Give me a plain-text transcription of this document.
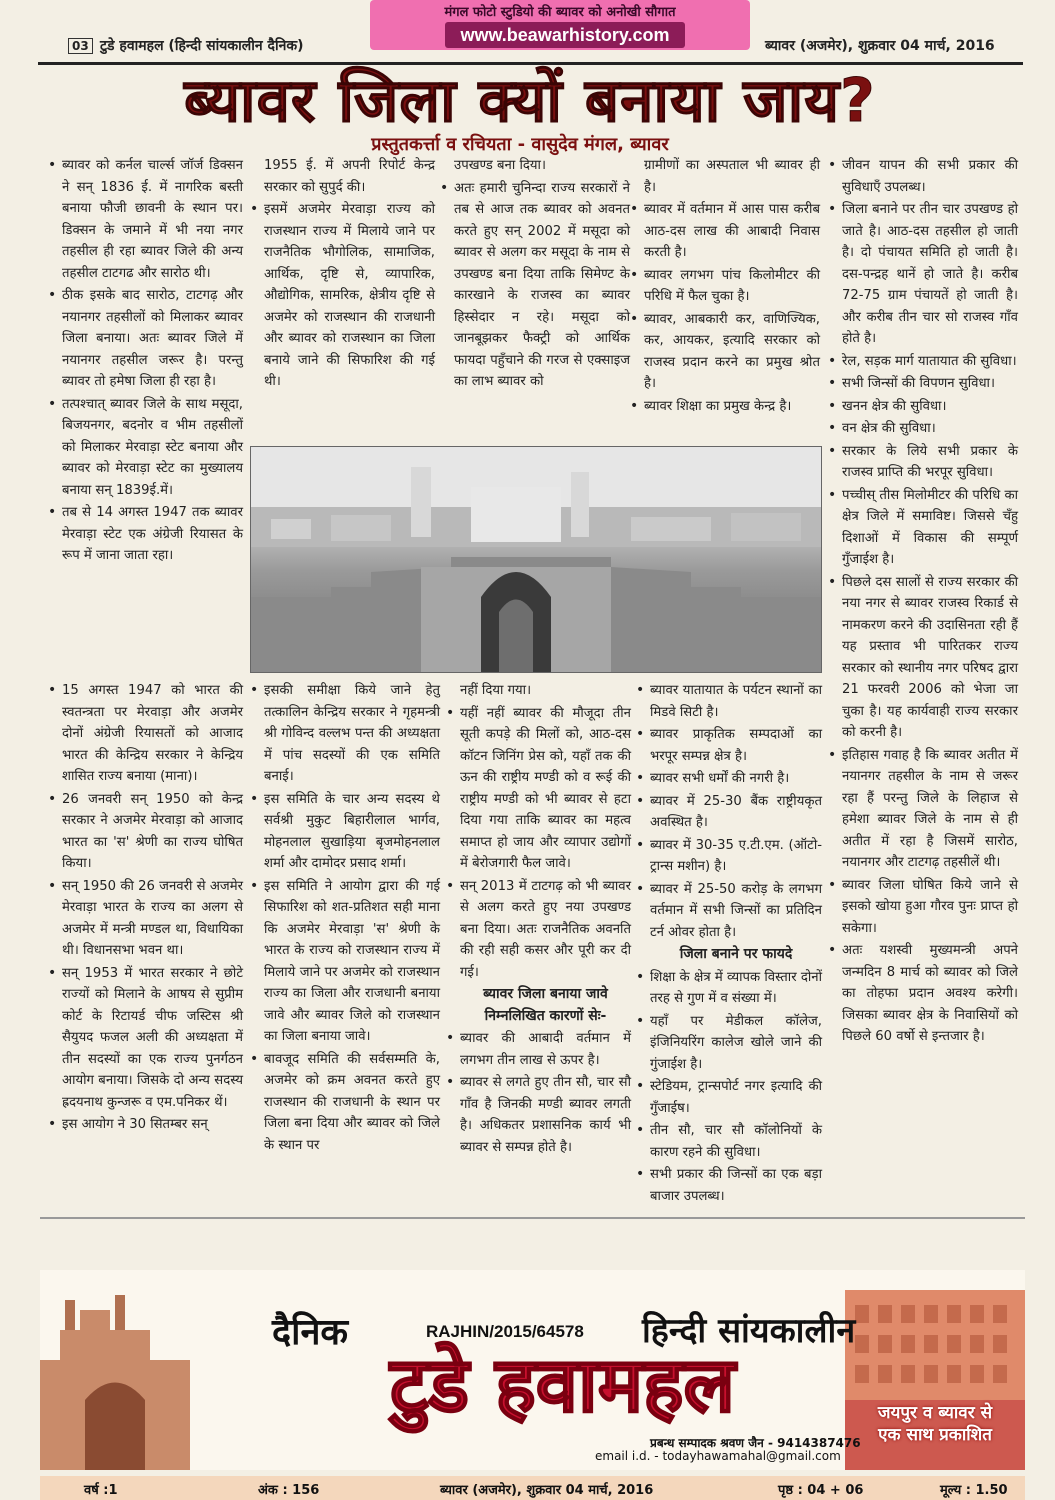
मंगल फोटो स्टुडियो की ब्यावर को अनोखी सौगात
www.beawarhistory.com
03 टुडे हवामहल (हिन्दी सांयकालीन दैनिक)	ब्यावर (अजमेर), शुक्रवार 04 मार्च, 2016
ब्यावर जिला क्यों बनाया जाय?
प्रस्तुतकर्त्ता व रचियता - वासुदेव मंगल, ब्यावर

• ब्यावर को कर्नल चार्ल्स जॉर्ज डिक्सन ने सन् 1836 ई. में नागरिक बस्ती बनाया फौजी छावनी के स्थान पर। डिक्सन के जमाने में भी नया नगर तहसील ही रहा ब्यावर जिले की अन्य तहसील टाटगढ और सारोठ थी।

• ठीक इसके बाद सारोठ, टाटगढ़ और नयानगर तहसीलों को मिलाकर ब्यावर जिला बनाया। अतः ब्यावर जिले में नयानगर तहसील जरूर है। परन्तु ब्यावर तो हमेषा जिला ही रहा है।

• तत्पश्चात् ब्यावर जिले के साथ मसूदा, बिजयनगर, बदनोर व भीम तहसीलों को मिलाकर मेरवाड़ा स्टेट बनाया और ब्यावर को मेरवाड़ा स्टेट का मुख्यालय बनाया सन् 1839ई.में।

• तब से 14 अगस्त 1947 तक ब्यावर मेरवाड़ा स्टेट एक अंग्रेजी रियासत के रूप में जाना जाता रहा।

1955 ई. में अपनी रिपोर्ट केन्द्र सरकार को सुपुर्द की।

• इसमें अजमेर मेरवाड़ा राज्य को राजस्थान राज्य में मिलाये जाने पर राजनैतिक भौगोलिक, सामाजिक, आर्थिक, दृष्टि से, व्यापारिक, औद्योगिक, सामरिक, क्षेत्रीय दृष्टि से अजमेर को राजस्थान की राजधानी और ब्यावर को राजस्थान का जिला बनाये जाने की सिफारिश की गई थी।

उपखण्ड बना दिया।

• अतः हमारी चुनिन्दा राज्य सरकारों ने तब से आज तक ब्यावर को अवनत करते हुए सन् 2002 में मसूदा को ब्यावर से अलग कर मसूदा के नाम से उपखण्ड बना दिया ताकि सिमेण्ट के कारखाने के राजस्व का ब्यावर हिस्सेदार न रहे। मसूदा को जानबूझकर फैक्ट्री को आर्थिक फायदा पहुँचाने की गरज से एक्साइज का लाभ ब्यावर को

ग्रामीणों का अस्पताल भी ब्यावर ही है।

• ब्यावर में वर्तमान में आस पास करीब आठ-दस लाख की आबादी निवास करती है।

• ब्यावर लगभग पांच किलोमीटर की परिधि में फैल चुका है।

• ब्यावर, आबकारी कर, वाणिज्यिक, कर, आयकर, इत्यादि सरकार को राजस्व प्रदान करने का प्रमुख श्रोत है।

• ब्यावर शिक्षा का प्रमुख केन्द्र है।

• जीवन यापन की सभी प्रकार की सुविधाएँ उपलब्ध।

• जिला बनाने पर तीन चार उपखण्ड हो जाते है। आठ-दस तहसील हो जाती है। दो पंचायत समिति हो जाती है। दस-पन्द्रह थानें हो जाते है। करीब 72-75 ग्राम पंचायतें हो जाती है। और करीब तीन चार सो राजस्व गाँव होते है।

• रेल, सड़क मार्ग यातायात की सुविधा।

• सभी जिन्सों की विपणन सुविधा।

• खनन क्षेत्र की सुविधा।

• वन क्षेत्र की सुविधा।

• सरकार के लिये सभी प्रकार के राजस्व प्राप्ति की भरपूर सुविधा।

• पच्चीस् तीस मिलोमीटर की परिधि का क्षेत्र जिले में समाविष्ट। जिससे चँहु दिशाओं में विकास की सम्पूर्ण गुँजाईश है।

• पिछले दस सालों से राज्य सरकार की नया नगर से ब्यावर राजस्व रिकार्ड से नामकरण करने की उदासिनता रही हैं यह प्रस्ताव भी पारितकर राज्य सरकार को स्थानीय नगर परिषद द्वारा 21 फरवरी 2006 को भेजा जा चुका है। यह कार्यवाही राज्य सरकार को करनी है।

• इतिहास गवाह है कि ब्यावर अतीत में नयानगर तहसील के नाम से जरूर रहा हैं परन्तु जिले के लिहाज से हमेशा ब्यावर जिले के नाम से ही अतीत में रहा है जिसमें सारोठ, नयानगर और टाटगढ़ तहसीलें थी।

• ब्यावर जिला घोषित किये जाने से इसको खोया हुआ गौरव पुनः प्राप्त हो सकेगा।

• अतः यशस्वी मुख्यमन्त्री अपने जन्मदिन 8 मार्च को ब्यावर को जिले का तोहफा प्रदान अवश्य करेगी। जिसका ब्यावर क्षेत्र के निवासियों को पिछले 60 वर्षो से इन्तजार है।

• 15 अगस्त 1947 को भारत की स्वतन्त्रता पर मेरवाड़ा और अजमेर दोनों अंग्रेजी रियासतों को आजाद भारत की केन्द्रिय सरकार ने केन्द्रिय शासित राज्य बनाया (माना)।

• 26 जनवरी सन् 1950 को केन्द्र सरकार ने अजमेर मेरवाड़ा को आजाद भारत का 'स' श्रेणी का राज्य घोषित किया।

• सन् 1950 की 26 जनवरी से अजमेर मेरवाड़ा भारत के राज्य का अलग से अजमेर में मन्त्री मण्डल था, विधायिका थी। विधानसभा भवन था।

• सन् 1953 में भारत सरकार ने छोटे राज्यों को मिलाने के आषय से सुप्रीम कोर्ट के रिटायर्ड चीफ जस्टिस श्री सैयुयद फजल अली की अध्यक्षता में तीन सदस्यों का एक राज्य पुनर्गठन आयोग बनाया। जिसके दो अन्य सदस्य ह्रदयनाथ कुन्जरू व एम.पनिकर थें।

• इस आयोग ने 30 सितम्बर सन्

• इसकी समीक्षा किये जाने हेतु तत्कालिन केन्द्रिय सरकार ने गृहमन्त्री श्री गोविन्द वल्लभ पन्त की अध्यक्षता में पांच सदस्यों की एक समिति बनाई।

• इस समिति के चार अन्य सदस्य थे सर्वश्री मुकुट बिहारीलाल भार्गव, मोहनलाल सुखाड़िया बृजमोहनलाल शर्मा और दामोदर प्रसाद शर्मा।

• इस समिति ने आयोग द्वारा की गई सिफारिश को शत-प्रतिशत सही माना कि अजमेर मेरवाड़ा 'स' श्रेणी के भारत के राज्य को राजस्थान राज्य में मिलाये जाने पर अजमेर को राजस्थान राज्य का जिला और राजधानी बनाया जावे और ब्यावर जिले को राजस्थान का जिला बनाया जावे।

• बावजूद समिति की सर्वसम्मति के, अजमेर को क्रम अवनत करते हुए राजस्थान की राजधानी के स्थान पर जिला बना दिया और ब्यावर को जिले के स्थान पर

नहीं दिया गया।

• यहीं नहीं ब्यावर की मौजूदा तीन सूती कपड़े की मिलों को, आठ-दस कॉटन जिनिंग प्रेस को, यहाँ तक की ऊन की राष्ट्रीय मण्डी को व रूई की राष्ट्रीय मण्डी को भी ब्यावर से हटा दिया गया ताकि ब्यावर का महत्व समाप्त हो जाय और व्यापार उद्योगों में बेरोजगारी फैल जावे।

• सन् 2013 में टाटगढ़ को भी ब्यावर से अलग करते हुए नया उपखण्ड बना दिया। अतः राजनैतिक अवनति की रही सही कसर और पूरी कर दी गई।

ब्यावर जिला बनाया जावे निम्नलिखित कारणों सेः-

• ब्यावर की आबादी वर्तमान में लगभग तीन लाख से ऊपर है।

• ब्यावर से लगते हुए तीन सौ, चार सौ गाँव है जिनकी मण्डी ब्यावर लगती है। अधिकतर प्रशासनिक कार्य भी ब्यावर से सम्पन्न होते है।

• ब्यावर यातायात के पर्यटन स्थानों का मिडवे सिटी है।

• ब्यावर प्राकृतिक सम्पदाओं का भरपूर सम्पन्न क्षेत्र है।

• ब्यावर सभी धर्मों की नगरी है।

• ब्यावर में 25-30 बैंक राष्ट्रीयकृत अवस्थित है।

• ब्यावर में 30-35 ए.टी.एम. (ऑटो-ट्रान्स मशीन) है।

• ब्यावर में 25-50 करोड़ के लगभग वर्तमान में सभी जिन्सों का प्रतिदिन टर्न ओवर होता है।

जिला बनाने पर फायदे

• शिक्षा के क्षेत्र में व्यापक विस्तार दोनों तरह से गुण में व संख्या में।

• यहाँ पर मेडीकल कॉलेज, इंजिनियरिंग कालेज खोले जाने की गुंजाईश है।

• स्टेडियम, ट्रान्सपोर्ट नगर इत्यादि की गुँजाईष।

• तीन सौ, चार सौ कॉलोनियों के कारण रहने की सुविधा।

• सभी प्रकार की जिन्सों का एक बड़ा बाजार उपलब्ध।

दैनिक	RAJHIN/2015/64578 हिन्दी सांयकालीन
टुडे हवामहल
प्रबन्ध सम्पादक श्रवण जैन - 9414387476
email i.d. - todayhawamahal@gmail.com
जयपुर व ब्यावर से
एक साथ प्रकाशित
वर्ष :1	अंक : 156	ब्यावर (अजमेर), शुक्रवार 04 मार्च, 2016	पृष्ठ : 04 + 06	मूल्य : 1.50
